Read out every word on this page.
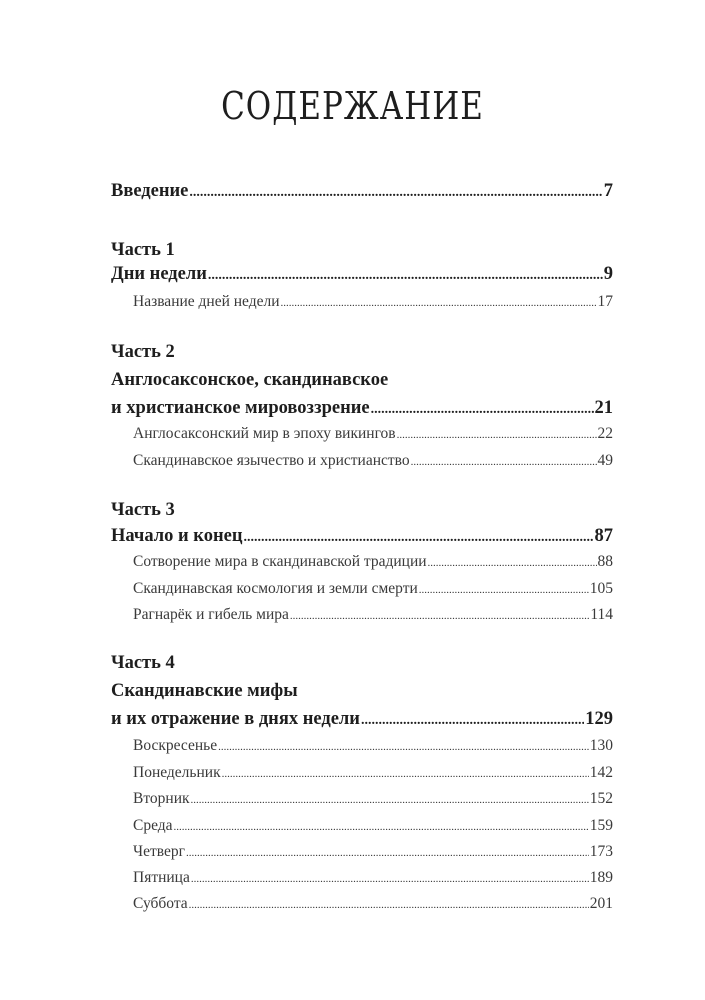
СОДЕРЖАНИЕ
Введение .....	7
Часть 1
Дни недели .....	9
Название дней недели .....	17
Часть 2
Англосаксонское, скандинавское
и христианское мировоззрение .....	21
Англосаксонский мир в эпоху викингов .....	22
Скандинавское язычество и христианство .....	49
Часть 3
Начало и конец .....	87
Сотворение мира в скандинавской традиции .....	88
Скандинавская космология и земли смерти .....	105
Рагнарёк и гибель мира .....	114
Часть 4
Скандинавские мифы
и их отражение в днях недели .....	129
Воскресенье .....	130
Понедельник .....	142
Вторник .....	152
Среда .....	159
Четверг .....	173
Пятница .....	189
Суббота .....	201
